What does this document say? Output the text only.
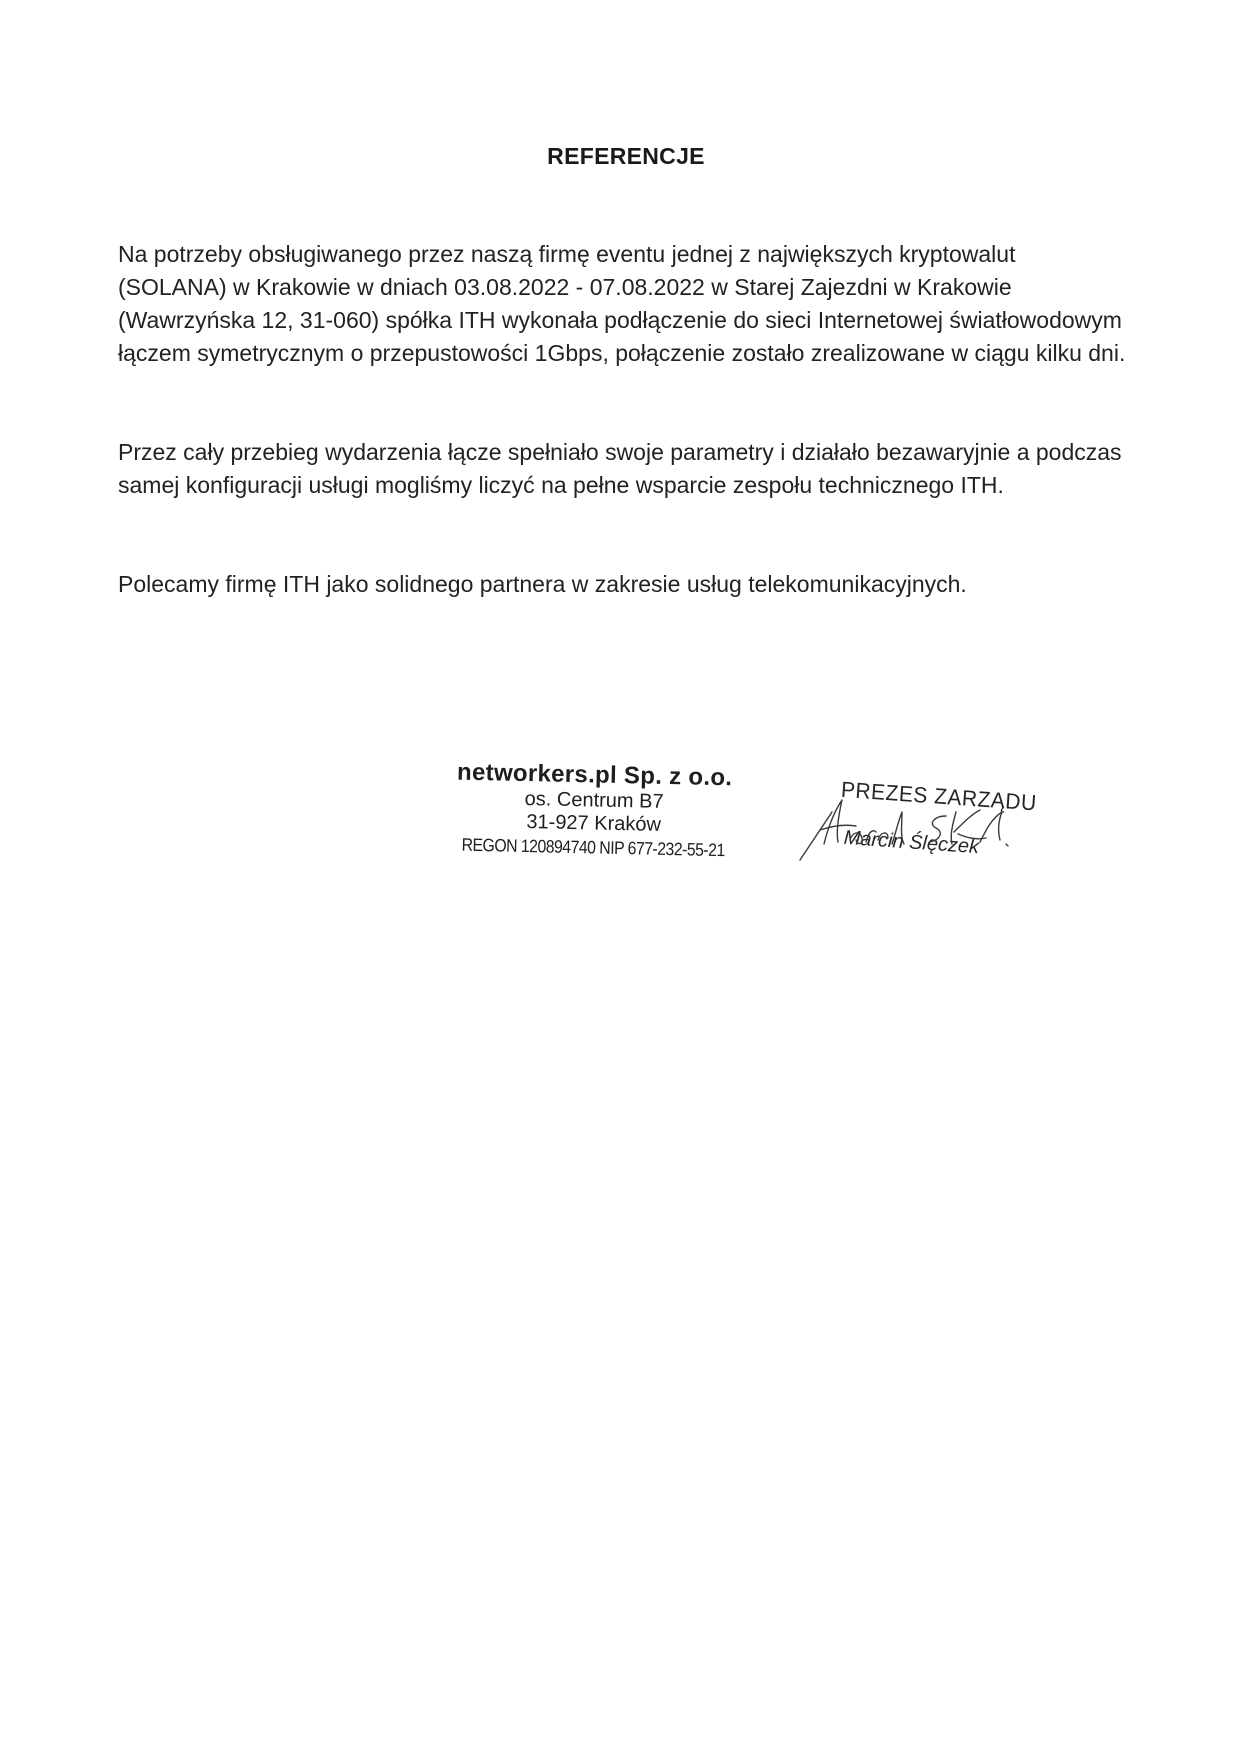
REFERENCJE

Na potrzeby obsługiwanego przez naszą firmę eventu jednej z największych kryptowalut (SOLANA) w Krakowie w dniach 03.08.2022 - 07.08.2022 w Starej Zajezdni w Krakowie (Wawrzyńska 12, 31-060) spółka ITH wykonała podłączenie do sieci Internetowej światłowodowym łączem symetrycznym o przepustowości 1Gbps, połączenie zostało zrealizowane w ciągu kilku dni.

Przez cały przebieg wydarzenia łącze spełniało swoje parametry i działało bezawaryjnie a podczas samej konfiguracji usługi mogliśmy liczyć na pełne wsparcie zespołu technicznego ITH.

Polecamy firmę ITH jako solidnego partnera w zakresie usług telekomunikacyjnych.

networkers.pl Sp. z o.o.
os. Centrum B7
31-927 Kraków
REGON 120894740 NIP 677-232-55-21
PREZES ZARZĄDU
Marcin Ślęczek
